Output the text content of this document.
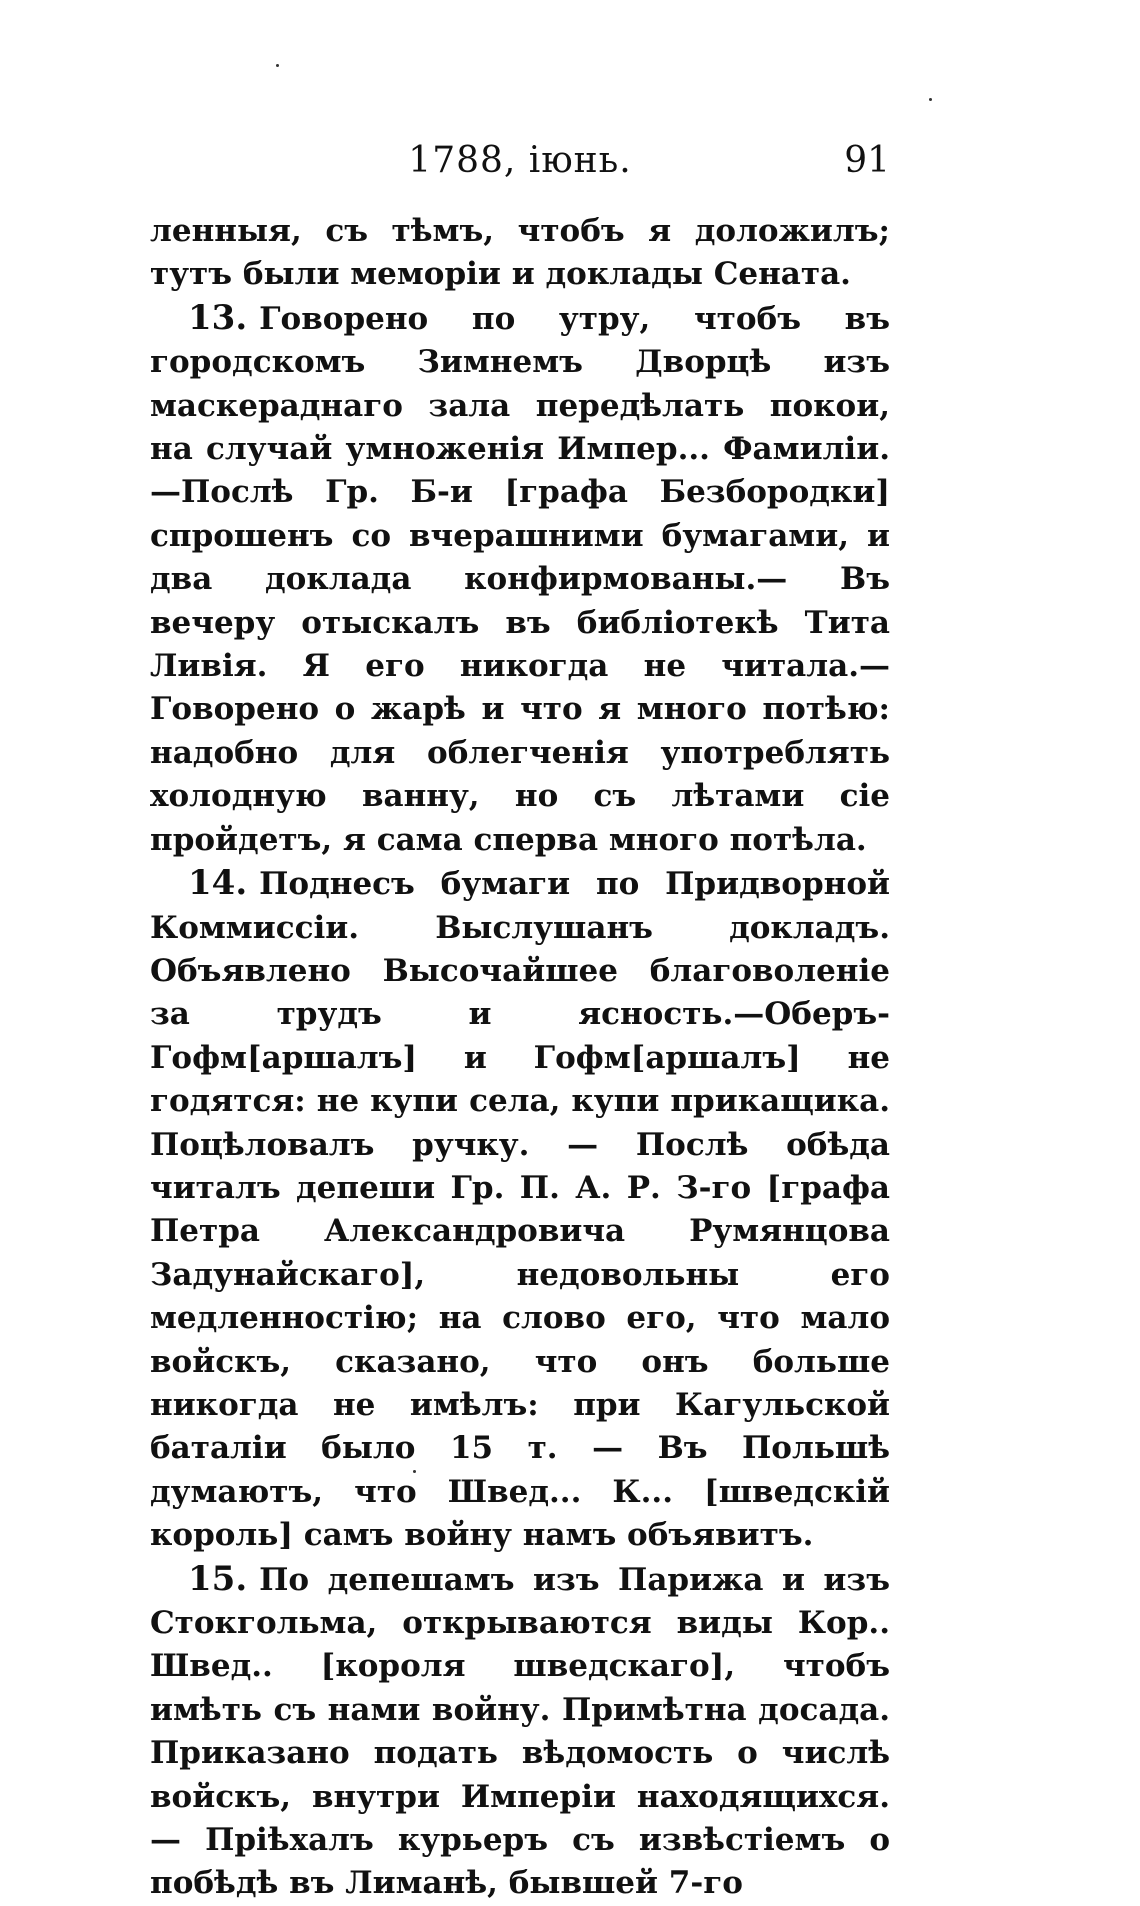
1788, іюнь.	91

ленныя, съ тѣмъ, чтобъ я доложилъ; тутъ были меморіи и доклады Сената.

13. Говорено по утру, чтобъ въ городскомъ Зимнемъ Дворцѣ изъ маскераднаго зала передѣлать покои, на случай умноженія Импер... Фамиліи.—Послѣ Гр. Б-и [графа Безбородки] спрошенъ со вчерашними бумагами, и два доклада конфирмованы.— Въ вечеру отыскалъ въ библіотекѣ Тита Ливія. Я его никогда не читала.—Говорено о жарѣ и что я много потѣю: надобно для облегченія употреблять холодную ванну, но съ лѣтами сіе пройдетъ, я сама сперва много потѣла.

14. Поднесъ бумаги по Придворной Коммиссіи. Выслушанъ докладъ. Объявлено Высочайшее благоволеніе за трудъ и ясность.—Оберъ-Гофм[аршалъ] и Гофм[аршалъ] не годятся: не купи села, купи прикащика. Поцѣловалъ ручку. — Послѣ обѣда читалъ депеши Гр. П. А. Р. З-го [графа Петра Александровича Румянцова Задунайскаго], недовольны его медленностію; на слово его, что мало войскъ, сказано, что онъ больше никогда не имѣлъ: при Кагульской баталіи было 15 т. — Въ Польшѣ думаютъ, что Швед... К... [шведскій король] самъ войну намъ объявитъ.

15. По депешамъ изъ Парижа и изъ Стокгольма, открываются виды Кор.. Швед.. [короля шведскаго], чтобъ имѣть съ нами войну. Примѣтна досада. Приказано подать вѣдомость о числѣ войскъ, внутри Имперіи находящихся. — Пріѣхалъ курьеръ съ извѣстіемъ о побѣдѣ въ Лиманѣ, бывшей 7-го
